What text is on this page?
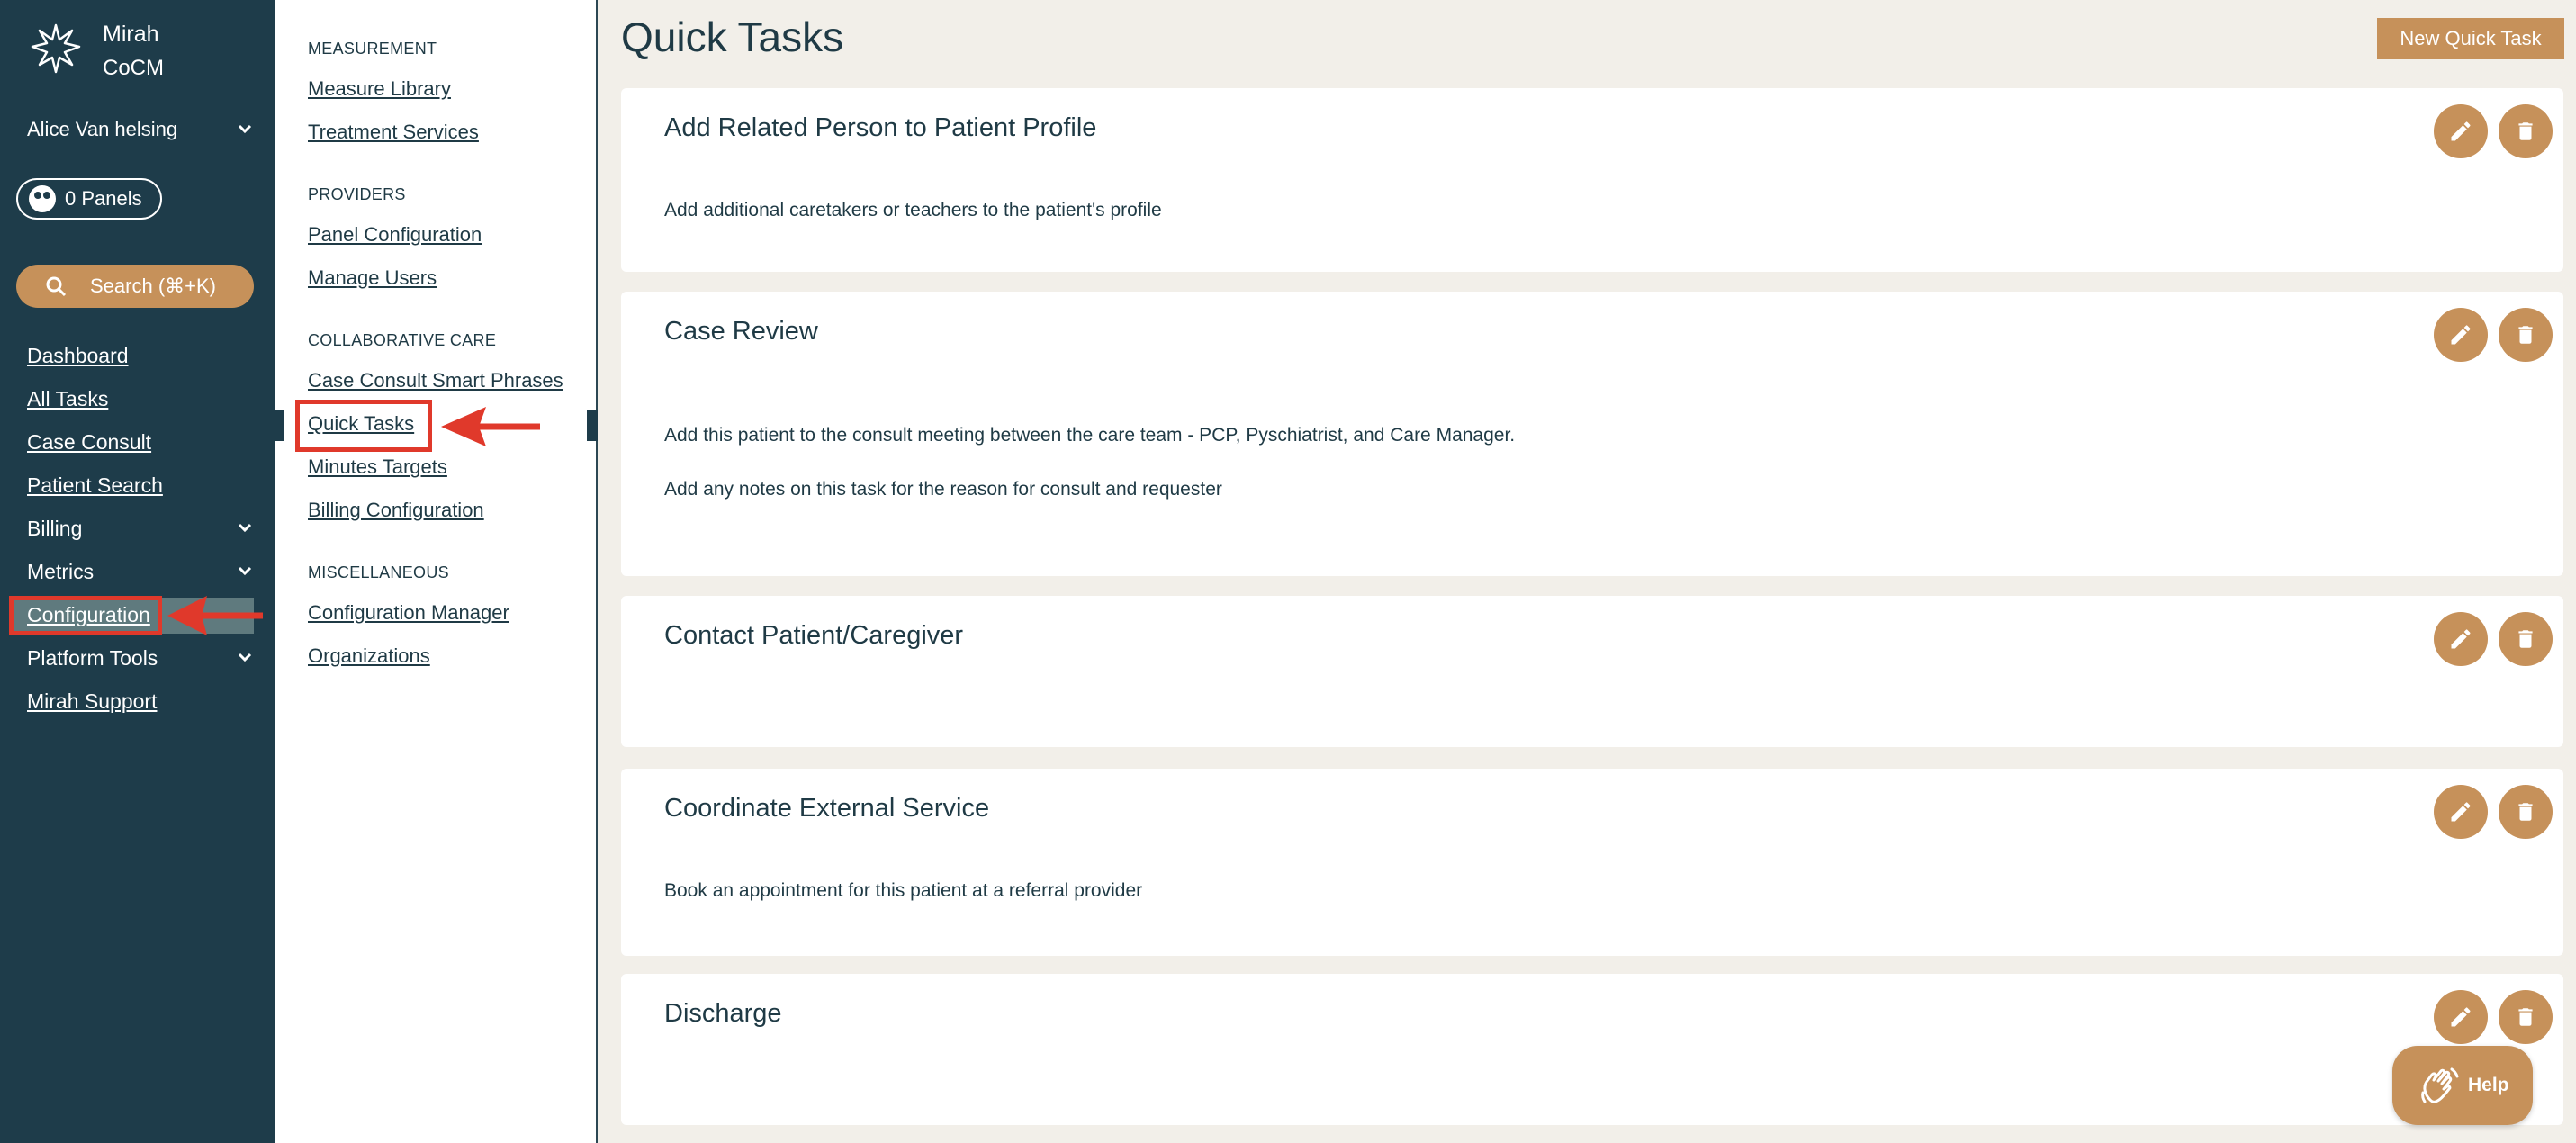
Mirah
CoCM
Alice Van helsing
0 Panels
Search (⌘+K)
Dashboard
All Tasks
Case Consult
Patient Search
Billing
Metrics
Configuration
Platform Tools
Mirah Support
MEASUREMENT
Measure Library
Treatment Services
PROVIDERS
Panel Configuration
Manage Users
COLLABORATIVE CARE
Case Consult Smart Phrases
Quick Tasks
Minutes Targets
Billing Configuration
MISCELLANEOUS
Configuration Manager
Organizations
Quick Tasks	New Quick Task
Add Related Person to Patient Profile
Add additional caretakers or teachers to the patient's profile
Case Review
Add this patient to the consult meeting between the care team - PCP, Pyschiatrist, and Care Manager.
Add any notes on this task for the reason for consult and requester
Contact Patient/Caregiver
Coordinate External Service
Book an appointment for this patient at a referral provider
Discharge
Help
